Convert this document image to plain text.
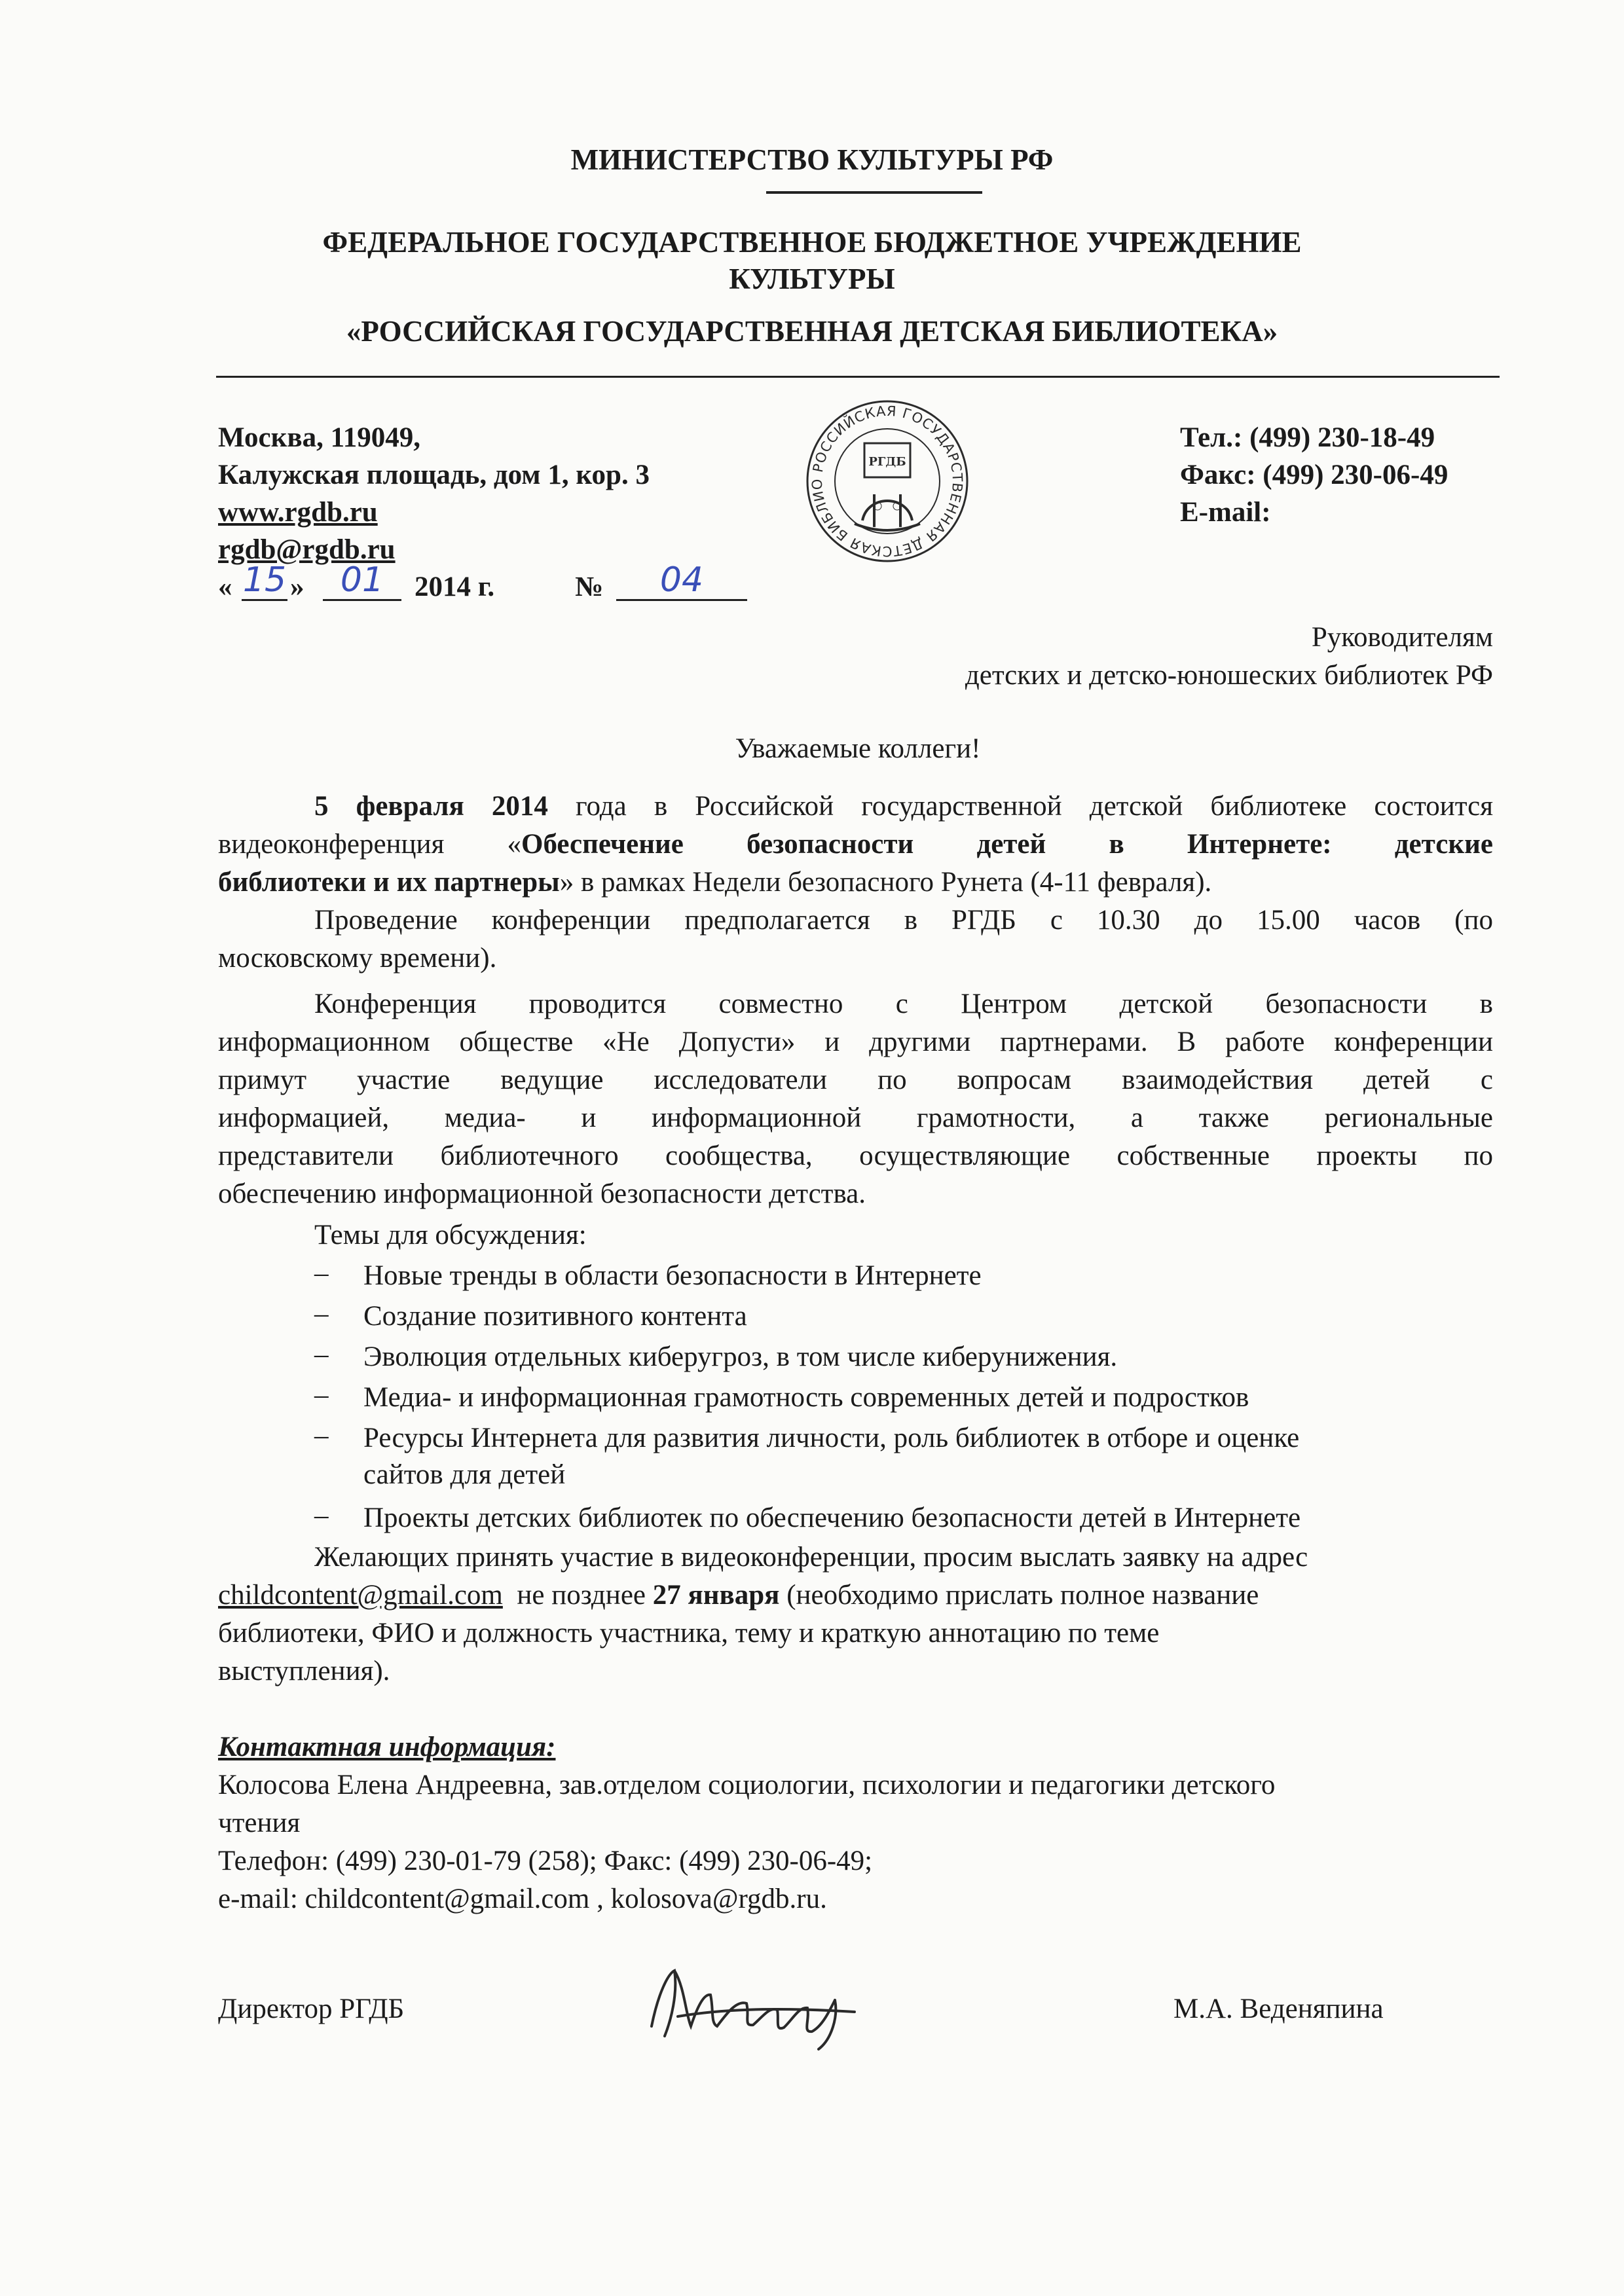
МИНИСТЕРСТВО КУЛЬТУРЫ РФ
ФЕДЕРАЛЬНОЕ ГОСУДАРСТВЕННОЕ БЮДЖЕТНОЕ УЧРЕЖДЕНИЕ
КУЛЬТУРЫ
«РОССИЙСКАЯ ГОСУДАРСТВЕННАЯ ДЕТСКАЯ БИБЛИОТЕКА»
Москва, 119049,
Калужская площадь, дом 1, кор. 3
www.rgdb.ru
rgdb@rgdb.ru
РОССИЙСКАЯ ГОСУДАРСТВЕННАЯ ДЕТСКАЯ БИБЛИО
РГДБ
Тел.: (499) 230-18-49
Факс: (499) 230-06-49
E-mail:
« 15 »	01	2014 г.	№	04
Руководителям
детских и детско-юношеских библиотек РФ
Уважаемые коллеги!
5 февраля 2014 года в Российской государственной детской библиотеке состоится
видеоконференция «Обеспечение безопасности детей в Интернете: детские
библиотеки и их партнеры» в рамках Недели безопасного Рунета (4-11 февраля).
Проведение конференции предполагается в РГДБ с 10.30 до 15.00 часов (по
московскому времени).
Конференция проводится совместно с Центром детской безопасности в
информационном обществе «Не Допусти» и другими партнерами. В работе конференции
примут участие ведущие исследователи по вопросам взаимодействия детей с
информацией, медиа- и информационной грамотности, а также региональные
представители библиотечного сообщества, осуществляющие собственные проекты по
обеспечению информационной безопасности детства.
Темы для обсуждения:
– Новые тренды в области безопасности в Интернете
– Создание позитивного контента
– Эволюция отдельных киберугроз, в том числе киберунижения.
– Медиа- и информационная грамотность современных детей и подростков
– Ресурсы Интернета для развития личности, роль библиотек в отборе и оценке
сайтов для детей
– Проекты детских библиотек по обеспечению безопасности детей в Интернете
Желающих принять участие в видеоконференции, просим выслать заявку на адрес
childcontent@gmail.com  не позднее 27 января (необходимо прислать полное название
библиотеки, ФИО и должность участника, тему и краткую аннотацию по теме
выступления).
Контактная информация:
Колосова Елена Андреевна, зав.отделом социологии, психологии и педагогики детского
чтения
Телефон: (499) 230-01-79 (258); Факс: (499) 230-06-49;
e-mail: childcontent@gmail.com , kolosova@rgdb.ru.
Директор РГДБ	М.А. Веденяпина
